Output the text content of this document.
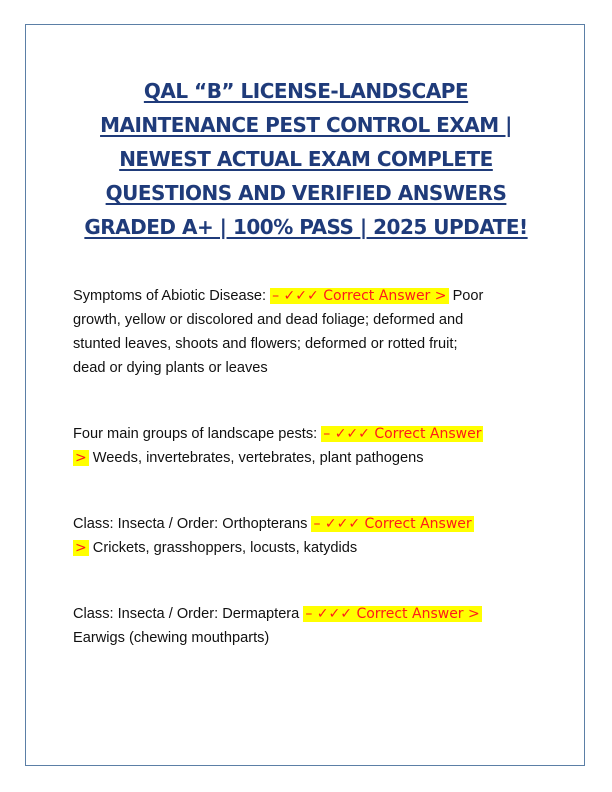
QAL “B” LICENSE-LANDSCAPE
MAINTENANCE PEST CONTROL EXAM |
NEWEST ACTUAL EXAM COMPLETE
QUESTIONS AND VERIFIED ANSWERS
GRADED A+ | 100% PASS | 2025 UPDATE!

Symptoms of Abiotic Disease: – ✓✓✓ Correct Answer > Poor
growth, yellow or discolored and dead foliage; deformed and
stunted leaves, shoots and flowers; deformed or rotted fruit;
dead or dying plants or leaves

Four main groups of landscape pests: – ✓✓✓ Correct Answer
> Weeds, invertebrates, vertebrates, plant pathogens

Class: Insecta / Order: Orthopterans – ✓✓✓ Correct Answer
> Crickets, grasshoppers, locusts, katydids

Class: Insecta / Order: Dermaptera – ✓✓✓ Correct Answer >
Earwigs (chewing mouthparts)
